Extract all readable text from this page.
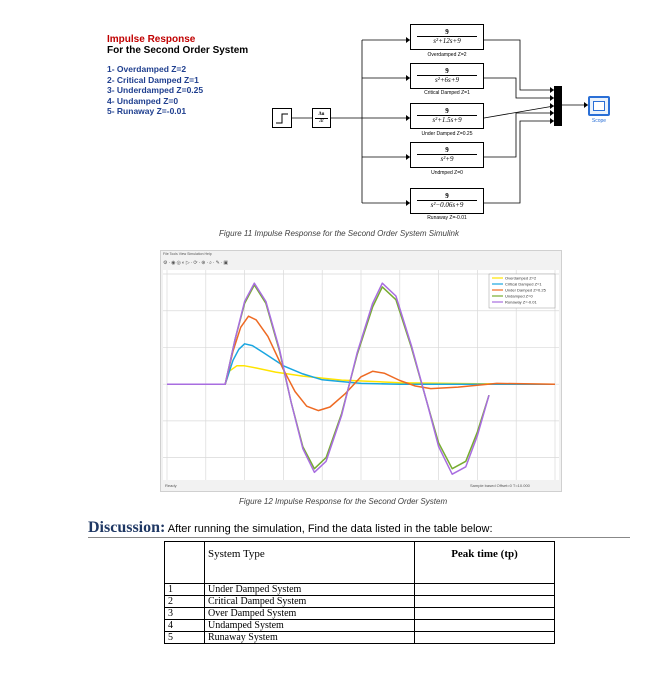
Impulse Response
For the Second Order System
1- Overdamped Z=2
2- Critical Damped Z=1
3- Underdamped Z=0.25
4- Undamped Z=0
5- Runaway Z=-0.01	$\frac{\Delta u}{\Delta t}$
$\frac{9}{\text{s²+12s+9}}$
Overdamped Z=2
$\frac{9}{\text{s²+6s+9}}$
Critical Damped Z=1
$\frac{9}{\text{s²+1.5s+9}}$
Under Damped Z=0.25
$\frac{9}{\text{s²+9}}$
Undmped Z=0
$\frac{9}{\text{s²−0.06s+9}}$
Runaway Z=-0.01
Scope
Figure 11 Impulse Response for the Second Order System Simulink
File Tools View Simulation Help
⚙·◉◎◐▷·⟳·⊕·⌕·✎·▣
Overdamped Z=2
Critical Damped Z=1
Under Damped Z=0.25
Undamped Z=0
Runaway Z=-0.01
Ready	Sample based Offset=0 T=10.000
Figure 12 Impulse Response for the Second Order System
Discussion: After running the simulation, Find the data listed in the table below:
	System Type	Peak time (tp)
1	Under Damped System	
2	Critical Damped System	
3	Over Damped System	
4	Undamped System	
5	Runaway System	
